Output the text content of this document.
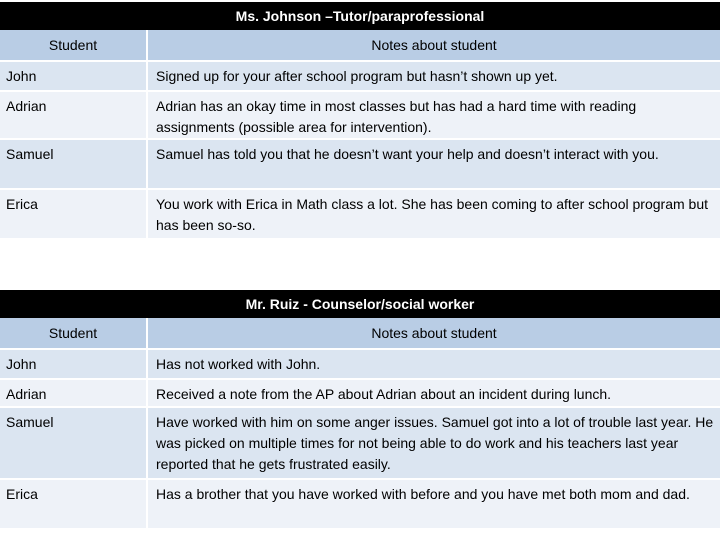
Ms. Johnson –Tutor/paraprofessional
Student	Notes about student
John	Signed up for your after school program but hasn’t shown up yet.
Adrian	Adrian has an okay time in most classes but has had a hard time with reading assignments (possible area for intervention).
Samuel	Samuel has told you that he doesn’t want your help and doesn’t interact with you.
Erica	You work with Erica in Math class a lot. She has been coming to after school program but has been so-so.
Mr. Ruiz - Counselor/social worker
Student	Notes about student
John	Has not worked with John.
Adrian	Received a note from the AP about Adrian about an incident during lunch.
Samuel	Have worked with him on some anger issues. Samuel got into a lot of trouble last year. He was picked on multiple times for not being able to do work and his teachers last year reported that he gets frustrated easily.
Erica	Has a brother that you have worked with before and you have met both mom and dad.
